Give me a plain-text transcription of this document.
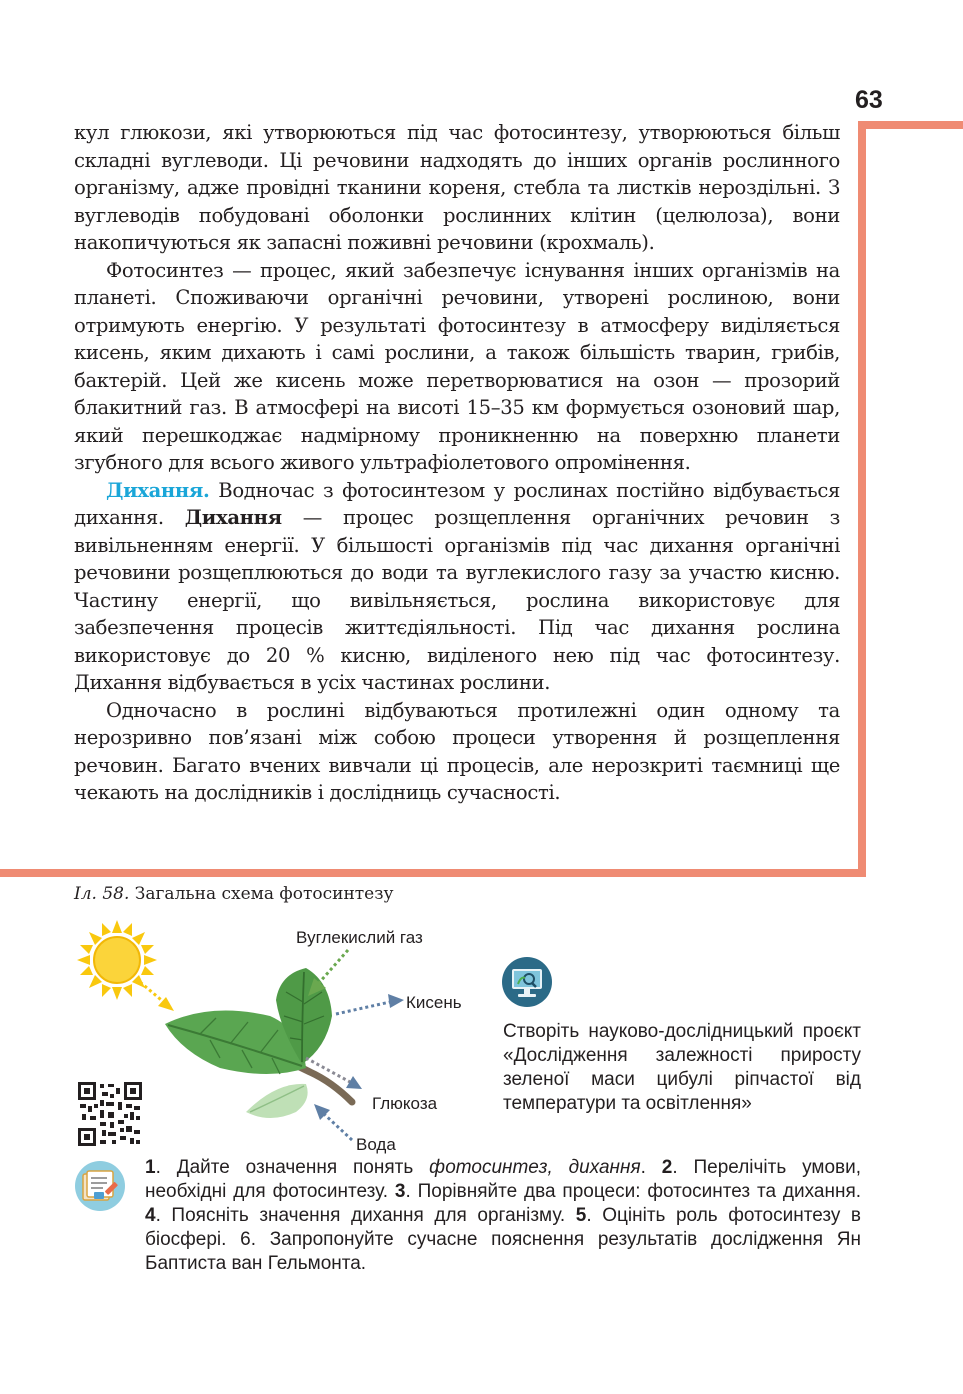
63

кул глюкози, які утворюються під час фотосинтезу, утворюються більш складні вуглеводи. Ці речовини надходять до інших органів рослинного організму, адже провідні тканини кореня, стебла та листків нероздільні. З вуглеводів побудовані оболонки рослинних клітин (целюлоза), вони накопичуються як запасні поживні речовини (крохмаль).

Фотосинтез — процес, який забезпечує існування інших організмів на планеті. Споживаючи органічні речовини, утворені рослиною, вони отримують енергію. У результаті фотосинтезу в атмосферу виділяється кисень, яким дихають і самі рослини, а також більшість тварин, грибів, бактерій. Цей же кисень може перетворюватися на озон — прозорий блакитний газ. В атмосфері на висоті 15–35 км формується озоновий шар, який перешкоджає надмірному проникненню на поверхню планети згубного для всього живого ультрафіолетового опромінення.

Дихання. Водночас з фотосинтезом у рослинах постійно відбувається дихання. Дихання — процес розщеплення органічних речовин з вивільненням енергії. У більшості організмів під час дихання органічні речовини розщеплюються до води та вуглекислого газу за участю кисню. Частину енергії, що вивільняється, рослина використовує для забезпечення процесів життєдіяльності. Під час дихання рослина використовує до 20 % кисню, виділеного нею під час фотосинтезу. Дихання відбувається в усіх частинах рослини.

Одночасно в рослині відбуваються протилежні один одному та нерозривно пов’язані між собою процеси утворення й розщеплення речовин. Багато вчених вивчали ці процесів, але нерозкриті таємниці ще чекають на дослідників і дослідниць сучасності.

Іл. 58. Загальна схема фотосинтезу
Вуглекислий газ
Кисень
Глюкоза
Вода
Створіть науково-дослідницький проєкт «Дослідження залежності приросту зеленої маси цибулі ріпчастої від температури та освітлення»
1. Дайте означення понять фотосинтез, дихання. 2. Перелічіть умови, необхідні для фотосинтезу. 3. Порівняйте два процеси: фотосинтез та дихання. 4. Поясніть значення дихання для організму. 5. Оцініть роль фотосинтезу в біосфері. 6. Запропонуйте сучасне пояснення результатів дослідження Ян Баптиста ван Гельмонта.
